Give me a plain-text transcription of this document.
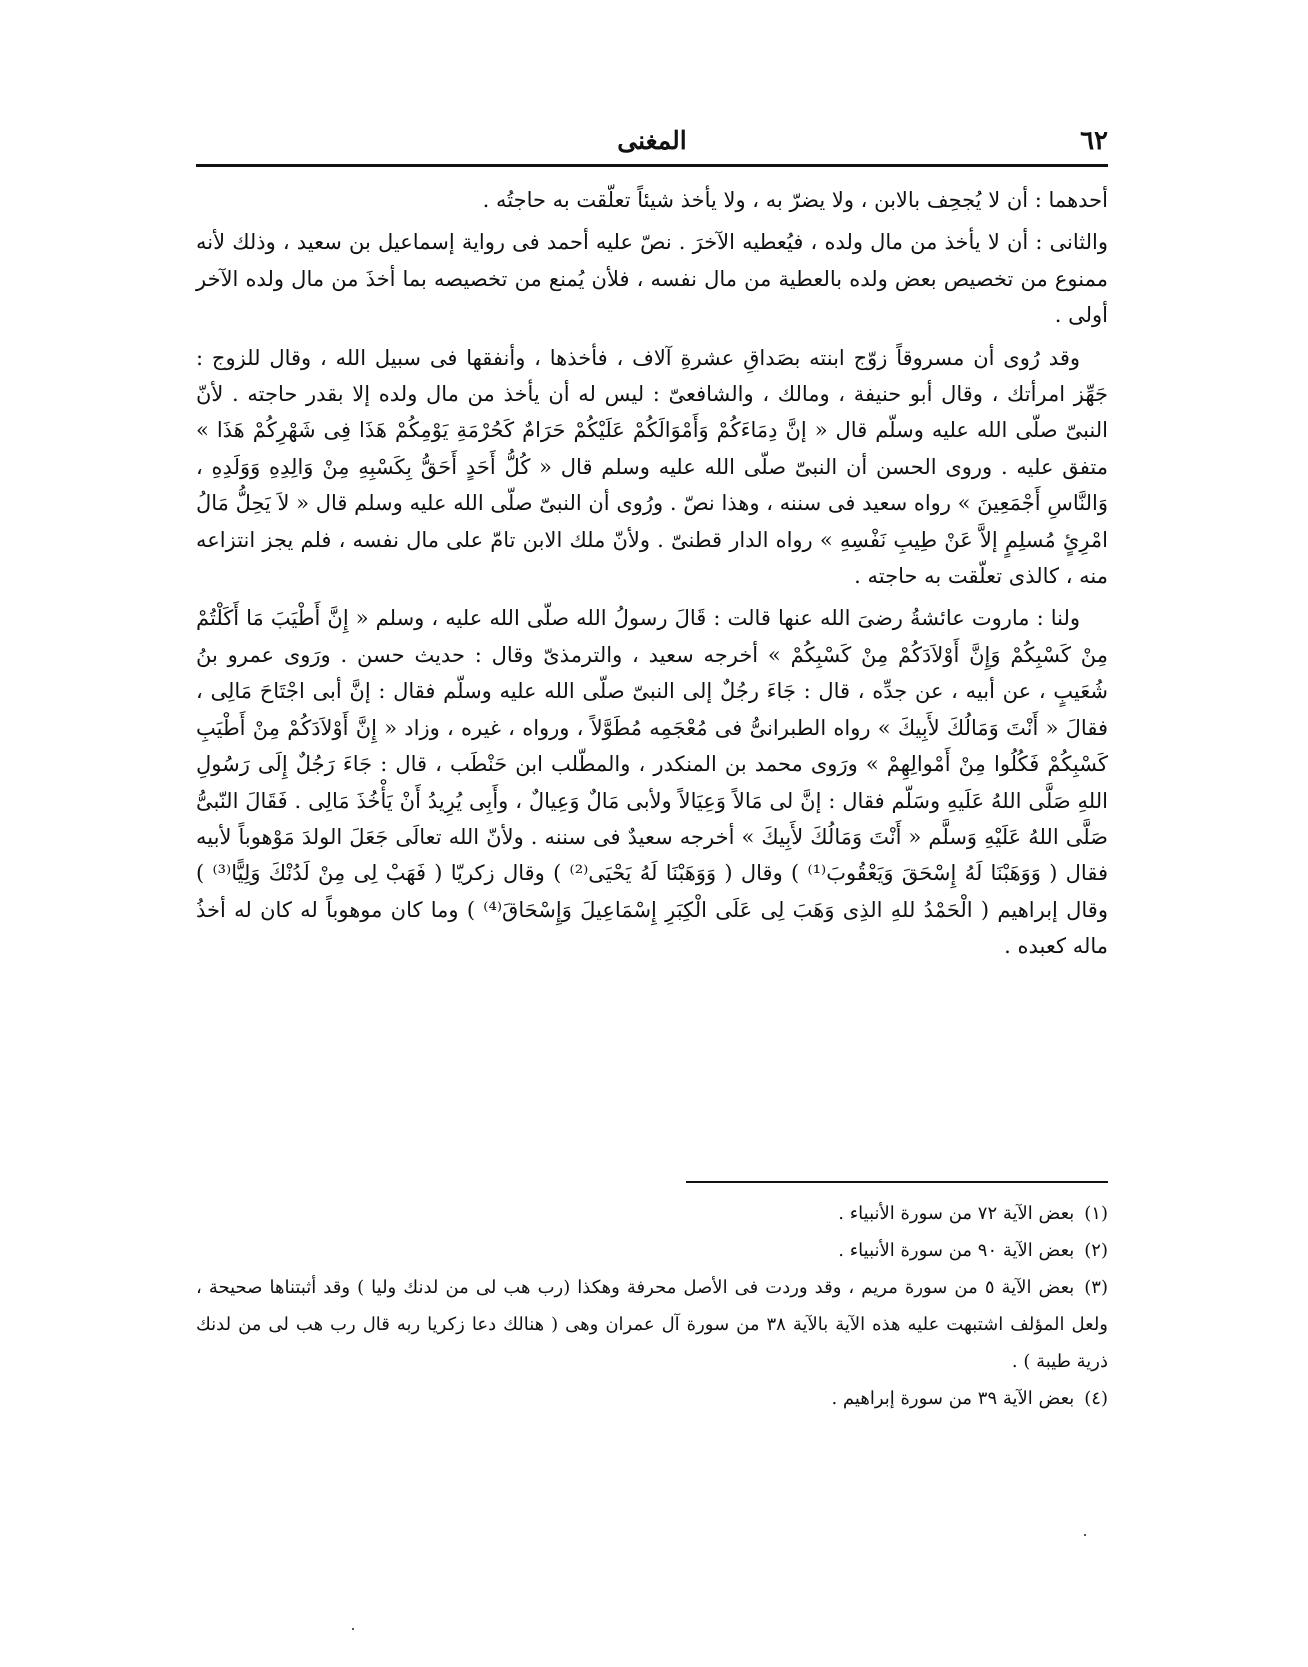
٦٢
المغنى

أحدهما : أن لا يُجحِف بالابن ، ولا يضرّ به ، ولا يأخذ شيئاً تعلّقت به حاجتُه .

والثانى : أن لا يأخذ من مال ولده ، فيُعطيه الآخرَ . نصّ عليه أحمد فى رواية إسماعيل بن سعيد ، وذلك لأنه ممنوع من تخصيص بعض ولده بالعطية من مال نفسه ، فلأن يُمنع من تخصيصه بما أخذَ من مال ولده الآخر أولى .

وقد رُوى أن مسروقاً زوّج ابنته بصَداقِ عشرةِ آلاف ، فأخذها ، وأنفقها فى سبيل الله ، وقال للزوج : جَهِّز امرأتك ، وقال أبو حنيفة ، ومالك ، والشافعىّ : ليس له أن يأخذ من مال ولده إلا بقدر حاجته . لأنّ النبىّ صلّى الله عليه وسلّم قال « إنَّ دِمَاءَكُمْ وَأَمْوَالَكُمْ عَلَيْكُمْ حَرَامٌ كَحُرْمَةِ يَوْمِكُمْ هَذَا فِى شَهْرِكُمْ هَذَا » متفق عليه . وروى الحسن أن النبىّ صلّى الله عليه وسلم قال « كُلُّ أَحَدٍ أَحَقُّ بِكَسْبِهِ مِنْ وَالِدِهِ وَوَلَدِهِ ، وَالنَّاسِ أَجْمَعِينَ » رواه سعيد فى سننه ، وهذا نصّ . ورُوى أن النبىّ صلّى الله عليه وسلم قال « لاَ يَحِلُّ مَالُ امْرِئٍ مُسلِمٍ إلاَّ عَنْ طِيبِ نَفْسِهِ » رواه الدار قطنىّ . ولأنّ ملك الابن تامّ على مال نفسه ، فلم يجز انتزاعه منه ، كالذى تعلّقت به حاجته .

ولنا : ماروت عائشةُ رضىَ الله عنها قالت : قَالَ رسولُ الله صلّى الله عليه ، وسلم « إِنَّ أَطْيَبَ مَا أَكَلْتُمْ مِنْ كَسْبِكُمْ وَإِنَّ أَوْلاَدَكُمْ مِنْ كَسْبِكُمْ » أخرجه سعيد ، والترمذىّ وقال : حديث حسن . ورَوى عمرو بنُ شُعَيبٍ ، عن أبيه ، عن جدِّه ، قال : جَاءَ رجُلٌ إلى النبىّ صلّى الله عليه وسلّم فقال : إنَّ أبى اجْتَاحَ مَالِى ، فقالَ « أَنْتَ وَمَالُكَ لأَبِيكَ » رواه الطبرانىُّ فى مُعْجَمِه مُطَوَّلاً ، ورواه ، غيره ، وزاد « إِنَّ أَوْلاَدَكُمْ مِنْ أَطْيَبِ كَسْبِكُمْ فَكُلُوا مِنْ أَمْوالِهِمْ » ورَوى محمد بن المنكدر ، والمطّلب ابن حَنْطَب ، قال : جَاءَ رَجُلٌ إِلَى رَسُولِ اللهِ صَلَّى اللهُ عَلَيهِ وسَلّم فقال : إنَّ لى مَالاً وَعِيَالاً ولأبى مَالٌ وَعِيالٌ ، وأَبِى يُرِيدُ أَنْ يَأْخُذَ مَالِى . فَقَالَ النّبىُّ صَلَّى اللهُ عَلَيْهِ وَسلَّم « أَنْتَ وَمَالُكَ لأَبِيكَ » أخرجه سعيدٌ فى سننه . ولأنّ الله تعالَى جَعَلَ الولدَ مَوْهوباً لأبيه فقال ( وَوَهَبْنَا لَهُ إِسْحَقَ وَيَعْقُوبَ⁽¹⁾ ) وقال ( وَوَهَبْنَا لَهُ يَحْيَى⁽²⁾ ) وقال زكريّا ( فَهَبْ لِى مِنْ لَدُنْكَ وَلِيًّا⁽³⁾ ) وقال إبراهيم ( الْحَمْدُ للهِ الذِى وَهَبَ لِى عَلَى الْكِبَرِ إِسْمَاعِيلَ وَإِسْحَاقَ⁽⁴⁾ ) وما كان موهوباً له كان له أخذُ ماله كعبده .

(١)بعض الآية ٧٢ من سورة الأنبياء .

(٢)بعض الآية ٩٠ من سورة الأنبياء .

(٣)بعض الآية ٥ من سورة مريم ، وقد وردت فى الأصل محرفة وهكذا (رب هب لى من لدنك وليا ) وقد أثبتناها صحيحة ، ولعل المؤلف اشتبهت عليه هذه الآية بالآية ٣٨ من سورة آل عمران وهى ( هنالك دعا زكريا ربه قال رب هب لى من لدنك ذرية طيبة ) .

(٤)بعض الآية ٣٩ من سورة إبراهيم .
